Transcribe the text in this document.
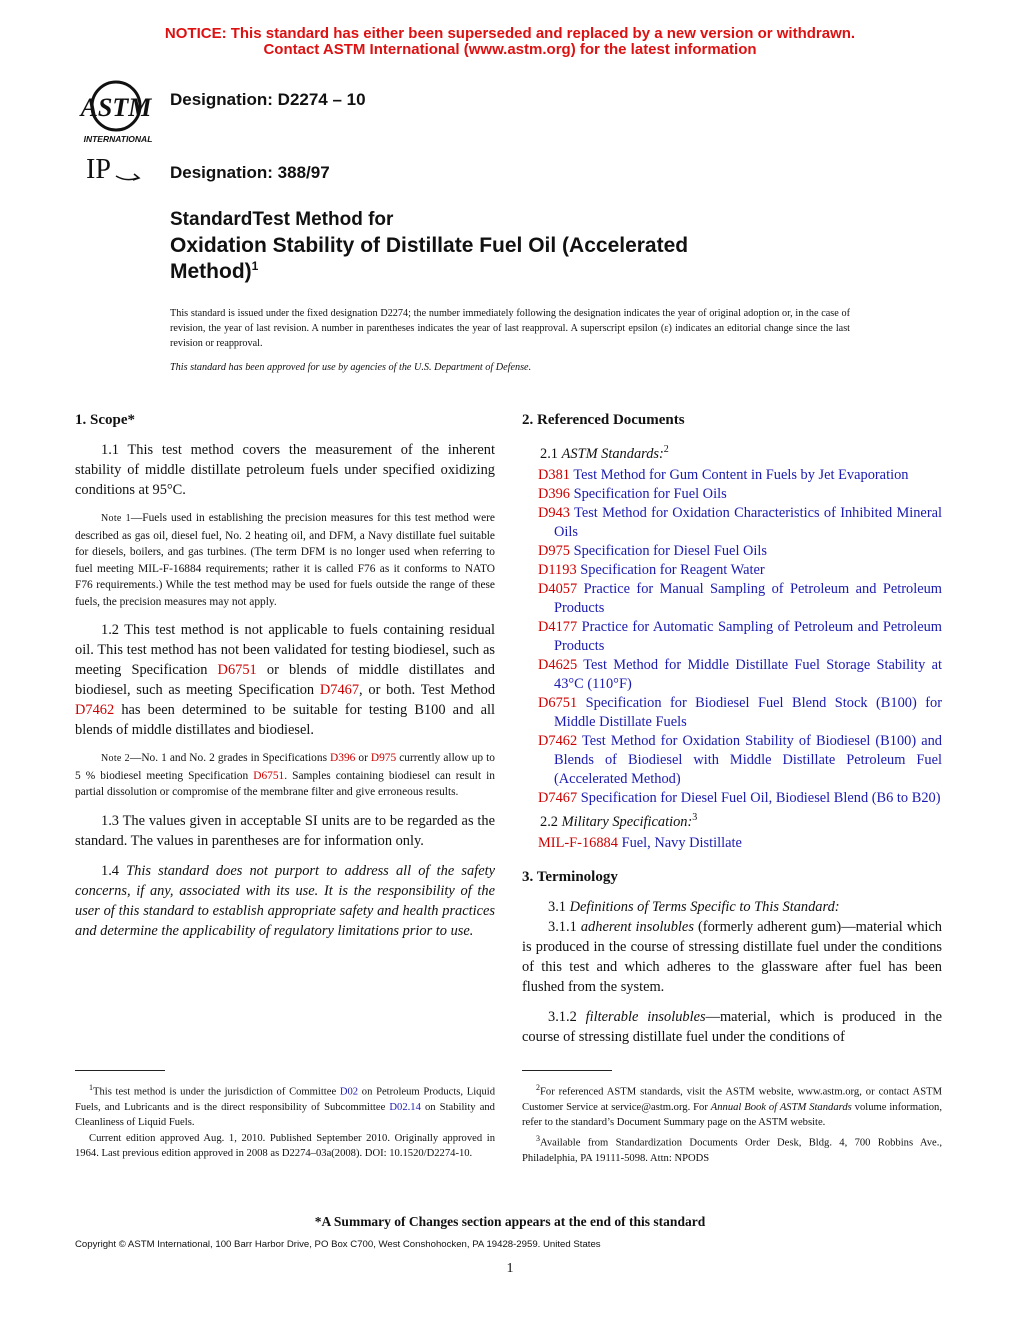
NOTICE: This standard has either been superseded and replaced by a new version or withdrawn.
Contact ASTM International (www.astm.org) for the latest information
ASTM
INTERNATIONAL
IP
Designation: D2274 – 10
Designation: 388/97
StandardTest Method for
Oxidation Stability of Distillate Fuel Oil (Accelerated
Method)$^1$
This standard is issued under the fixed designation D2274; the number immediately following the designation indicates the year of original adoption or, in the case of revision, the year of last revision. A number in parentheses indicates the year of last reapproval. A superscript epsilon (ε) indicates an editorial change since the last revision or reapproval.
This standard has been approved for use by agencies of the U.S. Department of Defense.
1. Scope*

1.1 This test method covers the measurement of the inherent stability of middle distillate petroleum fuels under specified oxidizing conditions at 95°C.

Note 1—Fuels used in establishing the precision measures for this test method were described as gas oil, diesel fuel, No. 2 heating oil, and DFM, a Navy distillate fuel suitable for diesels, boilers, and gas turbines. (The term DFM is no longer used when referring to fuel meeting MIL-F-16884 requirements; rather it is called F76 as it conforms to NATO F76 requirements.) While the test method may be used for fuels outside the range of these fuels, the precision measures may not apply.

1.2 This test method is not applicable to fuels containing residual oil. This test method has not been validated for testing biodiesel, such as meeting Specification D6751 or blends of middle distillates and biodiesel, such as meeting Specification D7467, or both. Test Method D7462 has been determined to be suitable for testing B100 and all blends of middle distillates and biodiesel.

Note 2—No. 1 and No. 2 grades in Specifications D396 or D975 currently allow up to 5 % biodiesel meeting Specification D6751. Samples containing biodiesel can result in partial dissolution or compromise of the membrane filter and give erroneous results.

1.3 The values given in acceptable SI units are to be regarded as the standard. The values in parentheses are for information only.

1.4 This standard does not purport to address all of the safety concerns, if any, associated with its use. It is the responsibility of the user of this standard to establish appropriate safety and health practices and determine the applicability of regulatory limitations prior to use.

2. Referenced Documents
2.1 ASTM Standards:$^2$
D381 Test Method for Gum Content in Fuels by Jet Evaporation
D396 Specification for Fuel Oils
D943 Test Method for Oxidation Characteristics of Inhibited Mineral Oils
D975 Specification for Diesel Fuel Oils
D1193 Specification for Reagent Water
D4057 Practice for Manual Sampling of Petroleum and Petroleum Products
D4177 Practice for Automatic Sampling of Petroleum and Petroleum Products
D4625 Test Method for Middle Distillate Fuel Storage Stability at 43°C (110°F)
D6751 Specification for Biodiesel Fuel Blend Stock (B100) for Middle Distillate Fuels
D7462 Test Method for Oxidation Stability of Biodiesel (B100) and Blends of Biodiesel with Middle Distillate Petroleum Fuel (Accelerated Method)
D7467 Specification for Diesel Fuel Oil, Biodiesel Blend (B6 to B20)
2.2 Military Specification:$^3$
MIL-F-16884 Fuel, Navy Distillate
3. Terminology

3.1 Definitions of Terms Specific to This Standard:

3.1.1 adherent insolubles (formerly adherent gum)—material which is produced in the course of stressing distillate fuel under the conditions of this test and which adheres to the glassware after fuel has been flushed from the system.

3.1.2 filterable insolubles—material, which is produced in the course of stressing distillate fuel under the conditions of

$^1$This test method is under the jurisdiction of Committee D02 on Petroleum Products, Liquid Fuels, and Lubricants and is the direct responsibility of Subcommittee D02.14 on Stability and Cleanliness of Liquid Fuels.

Current edition approved Aug. 1, 2010. Published September 2010. Originally approved in 1964. Last previous edition approved in 2008 as D2274–03a(2008). DOI: 10.1520/D2274-10.

$^2$For referenced ASTM standards, visit the ASTM website, www.astm.org, or contact ASTM Customer Service at service@astm.org. For Annual Book of ASTM Standards volume information, refer to the standard’s Document Summary page on the ASTM website.

$^3$Available from Standardization Documents Order Desk, Bldg. 4, 700 Robbins Ave., Philadelphia, PA 19111-5098. Attn: NPODS

*A Summary of Changes section appears at the end of this standard
Copyright © ASTM International, 100 Barr Harbor Drive, PO Box C700, West Conshohocken, PA 19428-2959. United States
1
